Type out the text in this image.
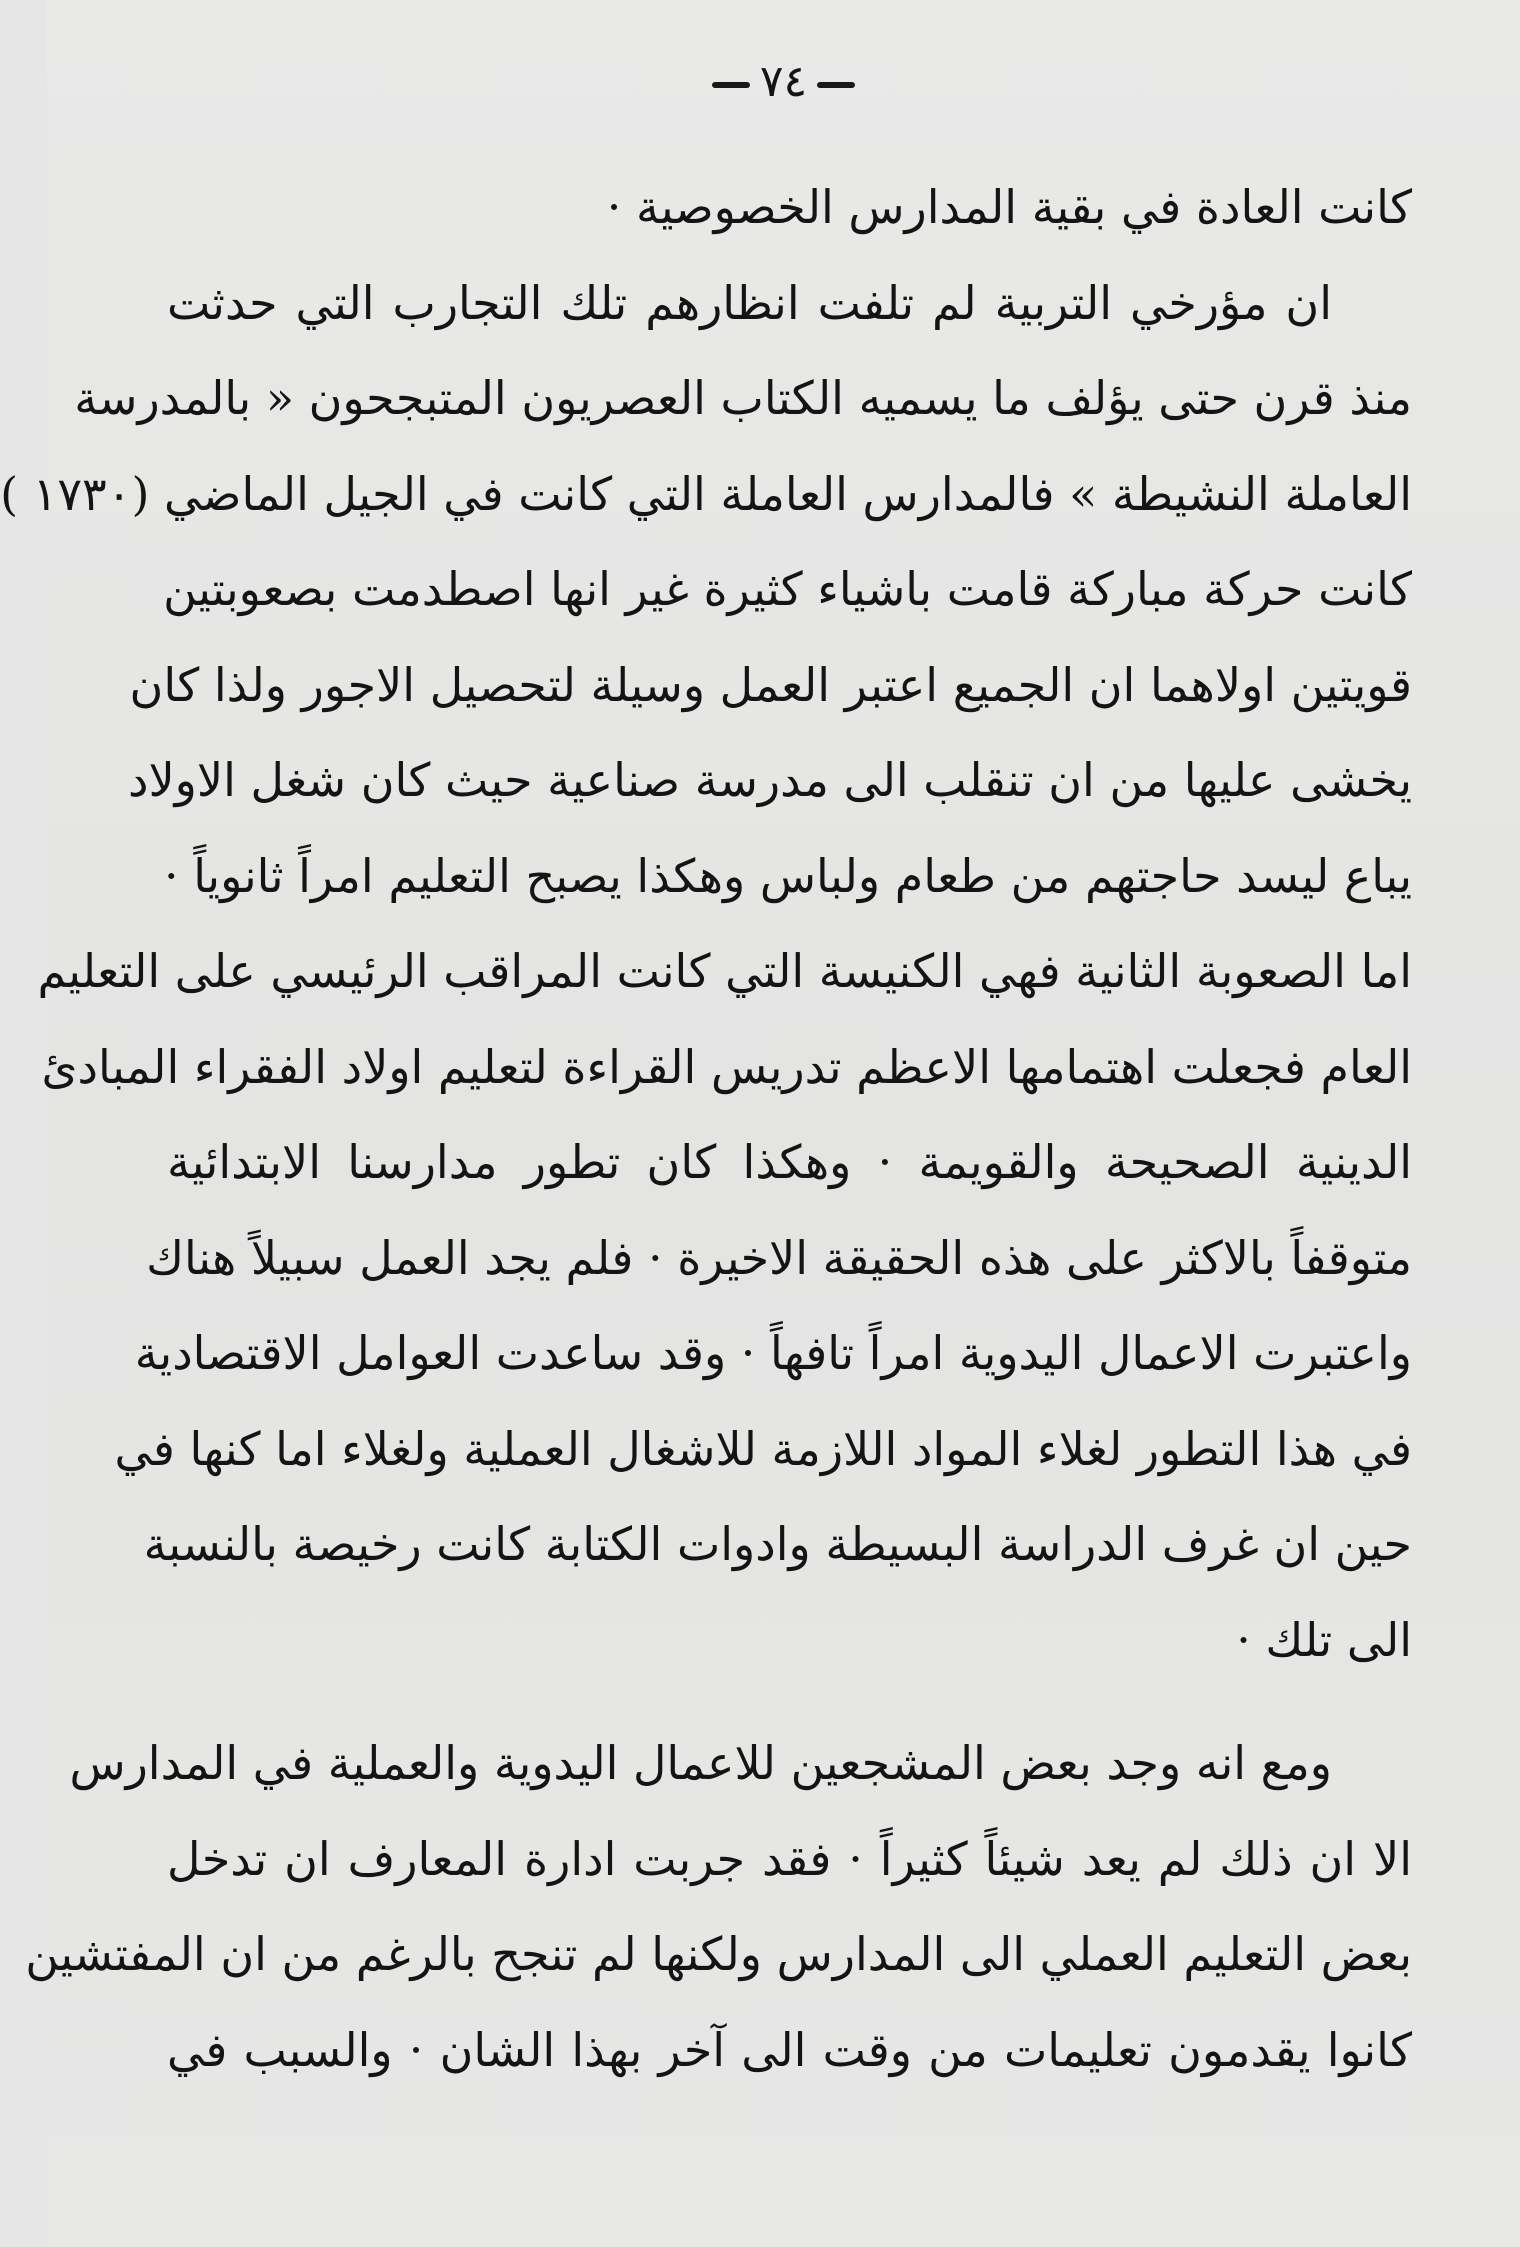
٧٤
كانت العادة في بقية المدارس الخصوصية ·
ان مؤرخي التربية لم تلفت انظارهم تلك التجارب التي حدثت
منذ قرن حتى يؤلف ما يسميه الكتاب العصريون المتبجحون « بالمدرسة
العاملة النشيطة » فالمدارس العاملة التي كانت في الجيل الماضي (١٧٣٠ )
كانت حركة مباركة قامت باشياء كثيرة غير انها اصطدمت بصعوبتين
قويتين اولاهما ان الجميع اعتبر العمل وسيلة لتحصيل الاجور ولذا كان
يخشى عليها من ان تنقلب الى مدرسة صناعية حيث كان شغل الاولاد
يباع ليسد حاجتهم من طعام ولباس وهكذا يصبح التعليم امراً ثانوياً ·
اما الصعوبة الثانية فهي الكنيسة التي كانت المراقب الرئيسي على التعليم
العام فجعلت اهتمامها الاعظم تدريس القراءة لتعليم اولاد الفقراء المبادئ
الدينية الصحيحة والقويمة · وهكذا كان تطور مدارسنا الابتدائية
متوقفاً بالاكثر على هذه الحقيقة الاخيرة · فلم يجد العمل سبيلاً هناك
واعتبرت الاعمال اليدوية امراً تافهاً · وقد ساعدت العوامل الاقتصادية
في هذا التطور لغلاء المواد اللازمة للاشغال العملية ولغلاء اما كنها في
حين ان غرف الدراسة البسيطة وادوات الكتابة كانت رخيصة بالنسبة
الى تلك ·
ومع انه وجد بعض المشجعين للاعمال اليدوية والعملية في المدارس
الا ان ذلك لم يعد شيئاً كثيراً · فقد جربت ادارة المعارف ان تدخل
بعض التعليم العملي الى المدارس ولكنها لم تنجح بالرغم من ان المفتشين
كانوا يقدمون تعليمات من وقت الى آخر بهذا الشان · والسبب في
